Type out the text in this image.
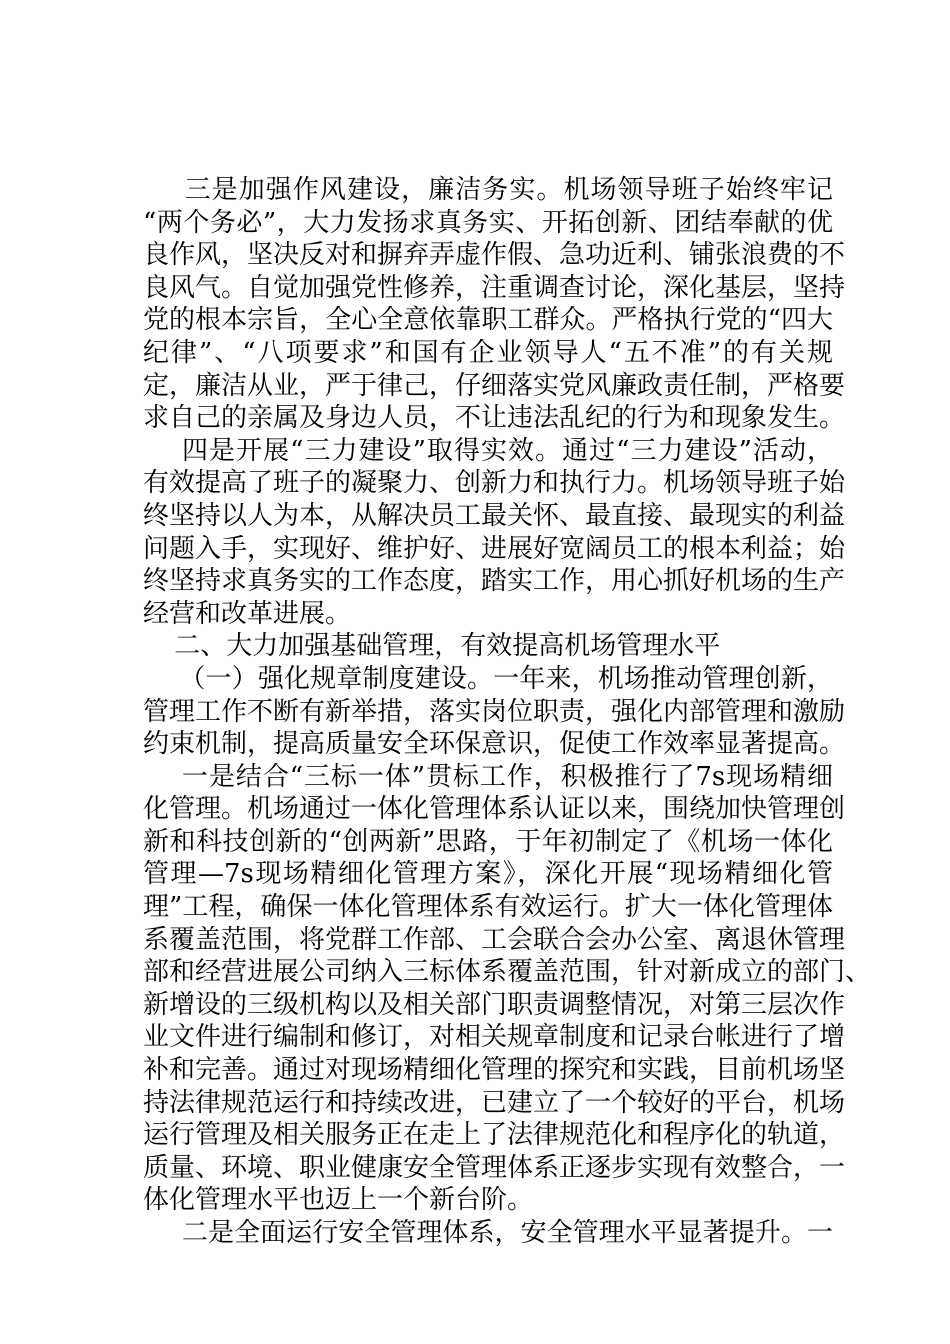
三是加强作风建设，廉洁务实。机场领导班子始终牢记
“两个务必”，大力发扬求真务实、开拓创新、团结奉献的优
良作风，坚决反对和摒弃弄虚作假、急功近利、铺张浪费的不
良风气。自觉加强党性修养，注重调查讨论，深化基层，坚持
党的根本宗旨，全心全意依靠职工群众。严格执行党的“四大
纪律”、“八项要求”和国有企业领导人“五不准”的有关规
定，廉洁从业，严于律己，仔细落实党风廉政责任制，严格要
求自己的亲属及身边人员，不让违法乱纪的行为和现象发生。
四是开展“三力建设”取得实效。通过“三力建设”活动，
有效提高了班子的凝聚力、创新力和执行力。机场领导班子始
终坚持以人为本，从解决员工最关怀、最直接、最现实的利益
问题入手，实现好、维护好、进展好宽阔员工的根本利益；始
终坚持求真务实的工作态度，踏实工作，用心抓好机场的生产
经营和改革进展。
二、大力加强基础管理，有效提高机场管理水平
（一）强化规章制度建设。一年来，机场推动管理创新，
管理工作不断有新举措，落实岗位职责，强化内部管理和激励
约束机制，提高质量安全环保意识，促使工作效率显著提高。
一是结合“三标一体”贯标工作，积极推行了7s现场精细
化管理。机场通过一体化管理体系认证以来，围绕加快管理创
新和科技创新的“创两新”思路，于年初制定了《机场一体化
管理—7s现场精细化管理方案》，深化开展“现场精细化管
理”工程，确保一体化管理体系有效运行。扩大一体化管理体
系覆盖范围，将党群工作部、工会联合会办公室、离退休管理
部和经营进展公司纳入三标体系覆盖范围，针对新成立的部门、
新增设的三级机构以及相关部门职责调整情况，对第三层次作
业文件进行编制和修订，对相关规章制度和记录台帐进行了增
补和完善。通过对现场精细化管理的探究和实践，目前机场坚
持法律规范运行和持续改进，已建立了一个较好的平台，机场
运行管理及相关服务正在走上了法律规范化和程序化的轨道，
质量、环境、职业健康安全管理体系正逐步实现有效整合，一
体化管理水平也迈上一个新台阶。
二是全面运行安全管理体系，安全管理水平显著提升。一
